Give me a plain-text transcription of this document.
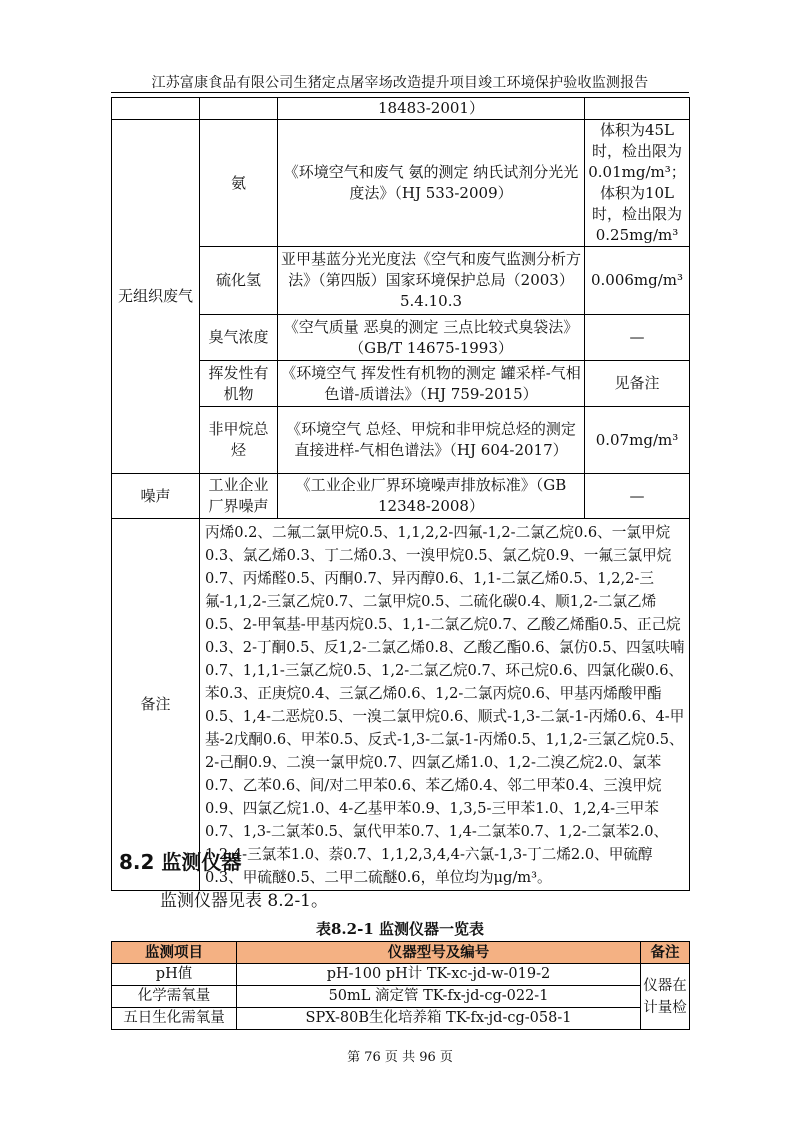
江苏富康食品有限公司生猪定点屠宰场改造提升项目竣工环境保护验收监测报告
		18483-2001）	
无组织废气	氨	《环境空气和废气 氨的测定 纳氏试剂分光光度法》（HJ 533-2009）	体积为45L时，检出限为0.01mg/m³；体积为10L时，检出限为0.25mg/m³
	硫化氢	亚甲基蓝分光光度法《空气和废气监测分析方法》（第四版）国家环境保护总局（2003）5.4.10.3	0.006mg/m³
	臭气浓度	《空气质量 恶臭的测定 三点比较式臭袋法》（GB/T 14675-1993）	—
	挥发性有机物	《环境空气 挥发性有机物的测定 罐采样-气相色谱-质谱法》（HJ 759-2015）	见备注
	非甲烷总烃	《环境空气 总烃、甲烷和非甲烷总烃的测定 直接进样-气相色谱法》（HJ 604-2017）	0.07mg/m³
噪声	工业企业厂界噪声	《工业企业厂界环境噪声排放标准》（GB 12348-2008）	—
备注	丙烯0.2、二氟二氯甲烷0.5、1,1,2,2-四氟-1,2-二氯乙烷0.6、一氯甲烷0.3、氯乙烯0.3、丁二烯0.3、一溴甲烷0.5、氯乙烷0.9、一氟三氯甲烷0.7、丙烯醛0.5、丙酮0.7、异丙醇0.6、1,1-二氯乙烯0.5、1,2,2-三氟-1,1,2-三氯乙烷0.7、二氯甲烷0.5、二硫化碳0.4、顺1,2-二氯乙烯0.5、2-甲氧基-甲基丙烷0.5、1,1-二氯乙烷0.7、乙酸乙烯酯0.5、正己烷0.3、2-丁酮0.5、反1,2-二氯乙烯0.8、乙酸乙酯0.6、氯仿0.5、四氢呋喃0.7、1,1,1-三氯乙烷0.5、1,2-二氯乙烷0.7、环己烷0.6、四氯化碳0.6、苯0.3、正庚烷0.4、三氯乙烯0.6、1,2-二氯丙烷0.6、甲基丙烯酸甲酯0.5、1,4-二恶烷0.5、一溴二氯甲烷0.6、顺式-1,3-二氯-1-丙烯0.6、4-甲基-2戊酮0.6、甲苯0.5、反式-1,3-二氯-1-丙烯0.5、1,1,2-三氯乙烷0.5、2-己酮0.9、二溴一氯甲烷0.7、四氯乙烯1.0、1,2-二溴乙烷2.0、氯苯0.7、乙苯0.6、间/对二甲苯0.6、苯乙烯0.4、邻二甲苯0.4、三溴甲烷0.9、四氯乙烷1.0、4-乙基甲苯0.9、1,3,5-三甲苯1.0、1,2,4-三甲苯0.7、1,3-二氯苯0.5、氯代甲苯0.7、1,4-二氯苯0.7、1,2-二氯苯2.0、1,2,4-三氯苯1.0、萘0.7、1,1,2,3,4,4-六氯-1,3-丁二烯2.0、甲硫醇0.3、甲硫醚0.5、二甲二硫醚0.6，单位均为μg/m³。		
8.2 监测仪器
监测仪器见表 8.2-1。
表8.2-1 监测仪器一览表
监测项目	仪器型号及编号	备注
pH值	pH-100 pH计 TK-xc-jd-w-019-2	仪器在计量检
化学需氧量	50mL 滴定管 TK-fx-jd-cg-022-1	
五日生化需氧量	SPX-80B生化培养箱 TK-fx-jd-cg-058-1	
第 76 页 共 96 页
